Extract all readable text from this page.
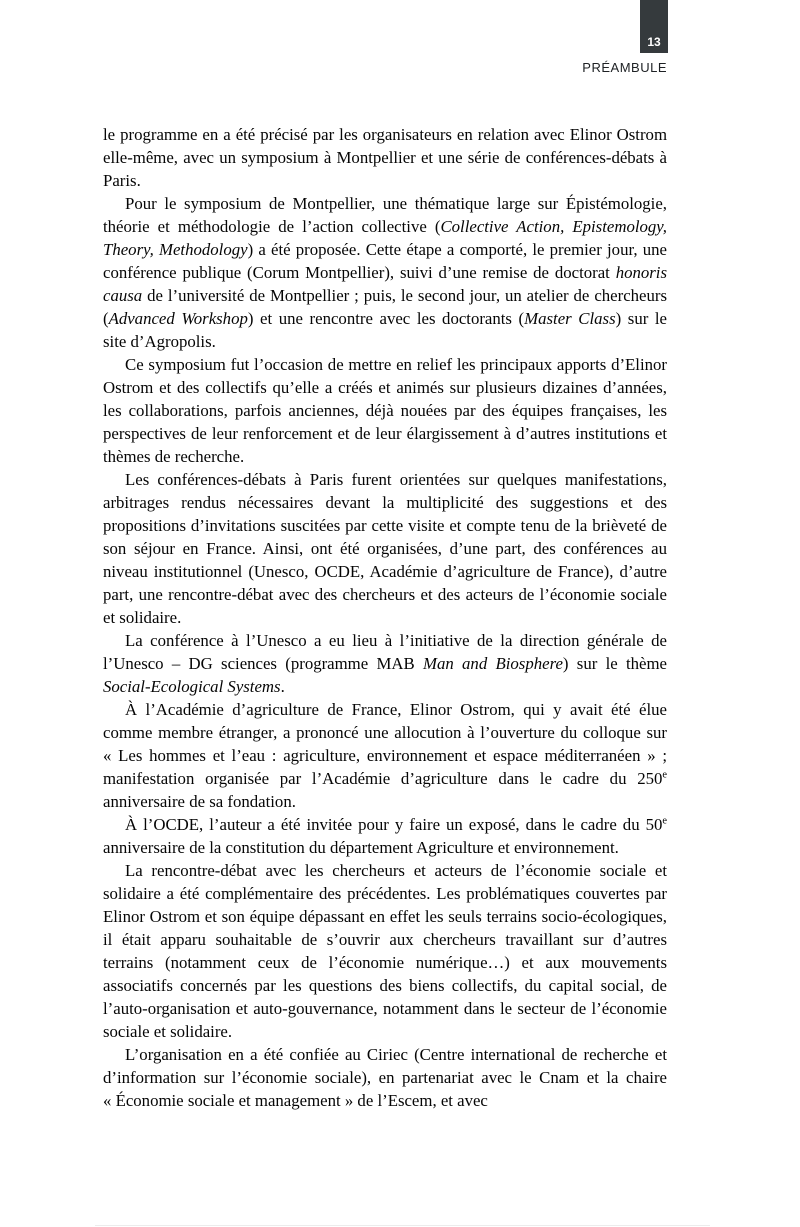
13
PRÉAMBULE

le programme en a été précisé par les organisateurs en relation avec Elinor Ostrom elle-même, avec un symposium à Montpellier et une série de conférences-débats à Paris.

Pour le symposium de Montpellier, une thématique large sur Épistémologie, théorie et méthodologie de l’action collective (Collective Action, Epistemology, Theory, Methodology) a été proposée. Cette étape a comporté, le premier jour, une conférence publique (Corum Montpellier), suivi d’une remise de doctorat honoris causa de l’université de Montpellier ; puis, le second jour, un atelier de chercheurs (Advanced Workshop) et une rencontre avec les doctorants (Master Class) sur le site d’Agropolis.

Ce symposium fut l’occasion de mettre en relief les principaux apports d’Elinor Ostrom et des collectifs qu’elle a créés et animés sur plusieurs dizaines d’années, les collaborations, parfois anciennes, déjà nouées par des équipes françaises, les perspectives de leur renforcement et de leur élargissement à d’autres institutions et thèmes de recherche.

Les conférences-débats à Paris furent orientées sur quelques manifestations, arbitrages rendus nécessaires devant la multiplicité des suggestions et des propositions d’invitations suscitées par cette visite et compte tenu de la brièveté de son séjour en France. Ainsi, ont été organisées, d’une part, des conférences au niveau institutionnel (Unesco, OCDE, Académie d’agriculture de France), d’autre part, une rencontre-débat avec des chercheurs et des acteurs de l’économie sociale et solidaire.

La conférence à l’Unesco a eu lieu à l’initiative de la direction générale de l’Unesco – DG sciences (programme MAB Man and Biosphere) sur le thème Social-Ecological Systems.

À l’Académie d’agriculture de France, Elinor Ostrom, qui y avait été élue comme membre étranger, a prononcé une allocution à l’ouverture du colloque sur « Les hommes et l’eau : agriculture, environnement et espace méditerranéen » ; manifestation organisée par l’Académie d’agriculture dans le cadre du 250e anniversaire de sa fondation.

À l’OCDE, l’auteur a été invitée pour y faire un exposé, dans le cadre du 50e anniversaire de la constitution du département Agriculture et environnement.

La rencontre-débat avec les chercheurs et acteurs de l’économie sociale et solidaire a été complémentaire des précédentes. Les problématiques couvertes par Elinor Ostrom et son équipe dépassant en effet les seuls terrains socio-écologiques, il était apparu souhaitable de s’ouvrir aux chercheurs travaillant sur d’autres terrains (notamment ceux de l’économie numérique…) et aux mouvements associatifs concernés par les questions des biens collectifs, du capital social, de l’auto-organisation et auto-gouvernance, notamment dans le secteur de l’économie sociale et solidaire.

L’organisation en a été confiée au Ciriec (Centre international de recherche et d’information sur l’économie sociale), en partenariat avec le Cnam et la chaire « Économie sociale et management » de l’Escem, et avec
